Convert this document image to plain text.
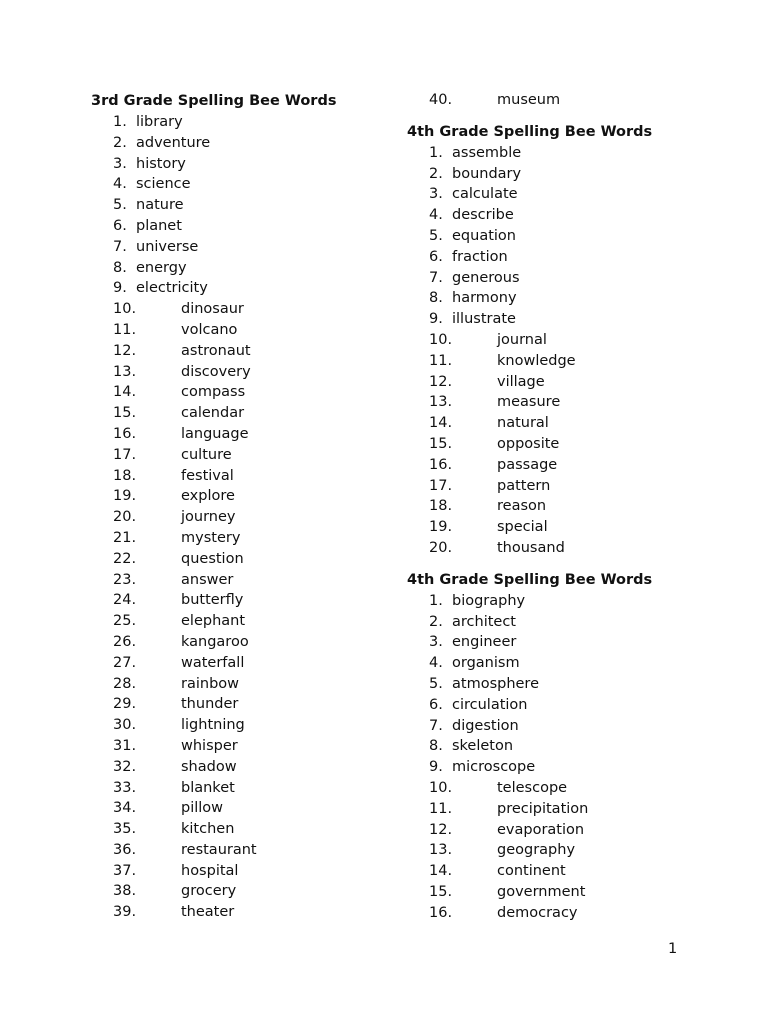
3rd Grade Spelling Bee Words
1. library
2. adventure
3. history
4. science
5. nature
6. planet
7. universe
8. energy
9. electricity
10.	dinosaur
11.	volcano
12.	astronaut
13.	discovery
14.	compass
15.	calendar
16.	language
17.	culture
18.	festival
19.	explore
20.	journey
21.	mystery
22.	question
23.	answer
24.	butterfly
25.	elephant
26.	kangaroo
27.	waterfall
28.	rainbow
29.	thunder
30.	lightning
31.	whisper
32.	shadow
33.	blanket
34.	pillow
35.	kitchen
36.	restaurant
37.	hospital
38.	grocery
39.	theater
40.	museum
4th Grade Spelling Bee Words
1. assemble
2. boundary
3. calculate
4. describe
5. equation
6. fraction
7. generous
8. harmony
9. illustrate
10.	journal
11.	knowledge
12.	village
13.	measure
14.	natural
15.	opposite
16.	passage
17.	pattern
18.	reason
19.	special
20.	thousand
4th Grade Spelling Bee Words
1. biography
2. architect
3. engineer
4. organism
5. atmosphere
6. circulation
7. digestion
8. skeleton
9. microscope
10.	telescope
11.	precipitation
12.	evaporation
13.	geography
14.	continent
15.	government
16.	democracy
1
